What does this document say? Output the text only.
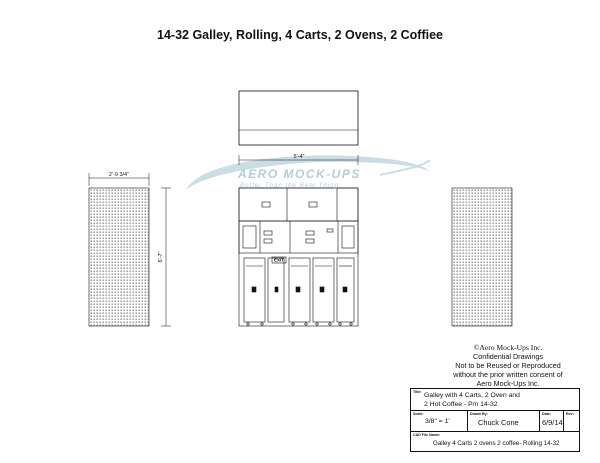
14-32 Galley, Rolling, 4 Carts, 2 Ovens, 2 Coffiee
5'-4"
2'-9 3/4"
6'-7"	EXIT
AERO MOCK-UPS
Better Than the Real Thing
©Aero Mock-Ups Inc.
Confidential Drawings
Not to be Reused or Reproduced
without the prior written consent of
Aero Mock-Ups Inc.
Title: Galley with 4 Carts, 2 Oven and
2 Hot Coffee - P/n 14-32
Scale:
3/8" = 1'
Drawn By:
Chuck Cone
Date:
6/9/14
Rev:
CAD File Name:
Galley 4 Carts 2 ovens 2 coffee- Rolling 14-32
